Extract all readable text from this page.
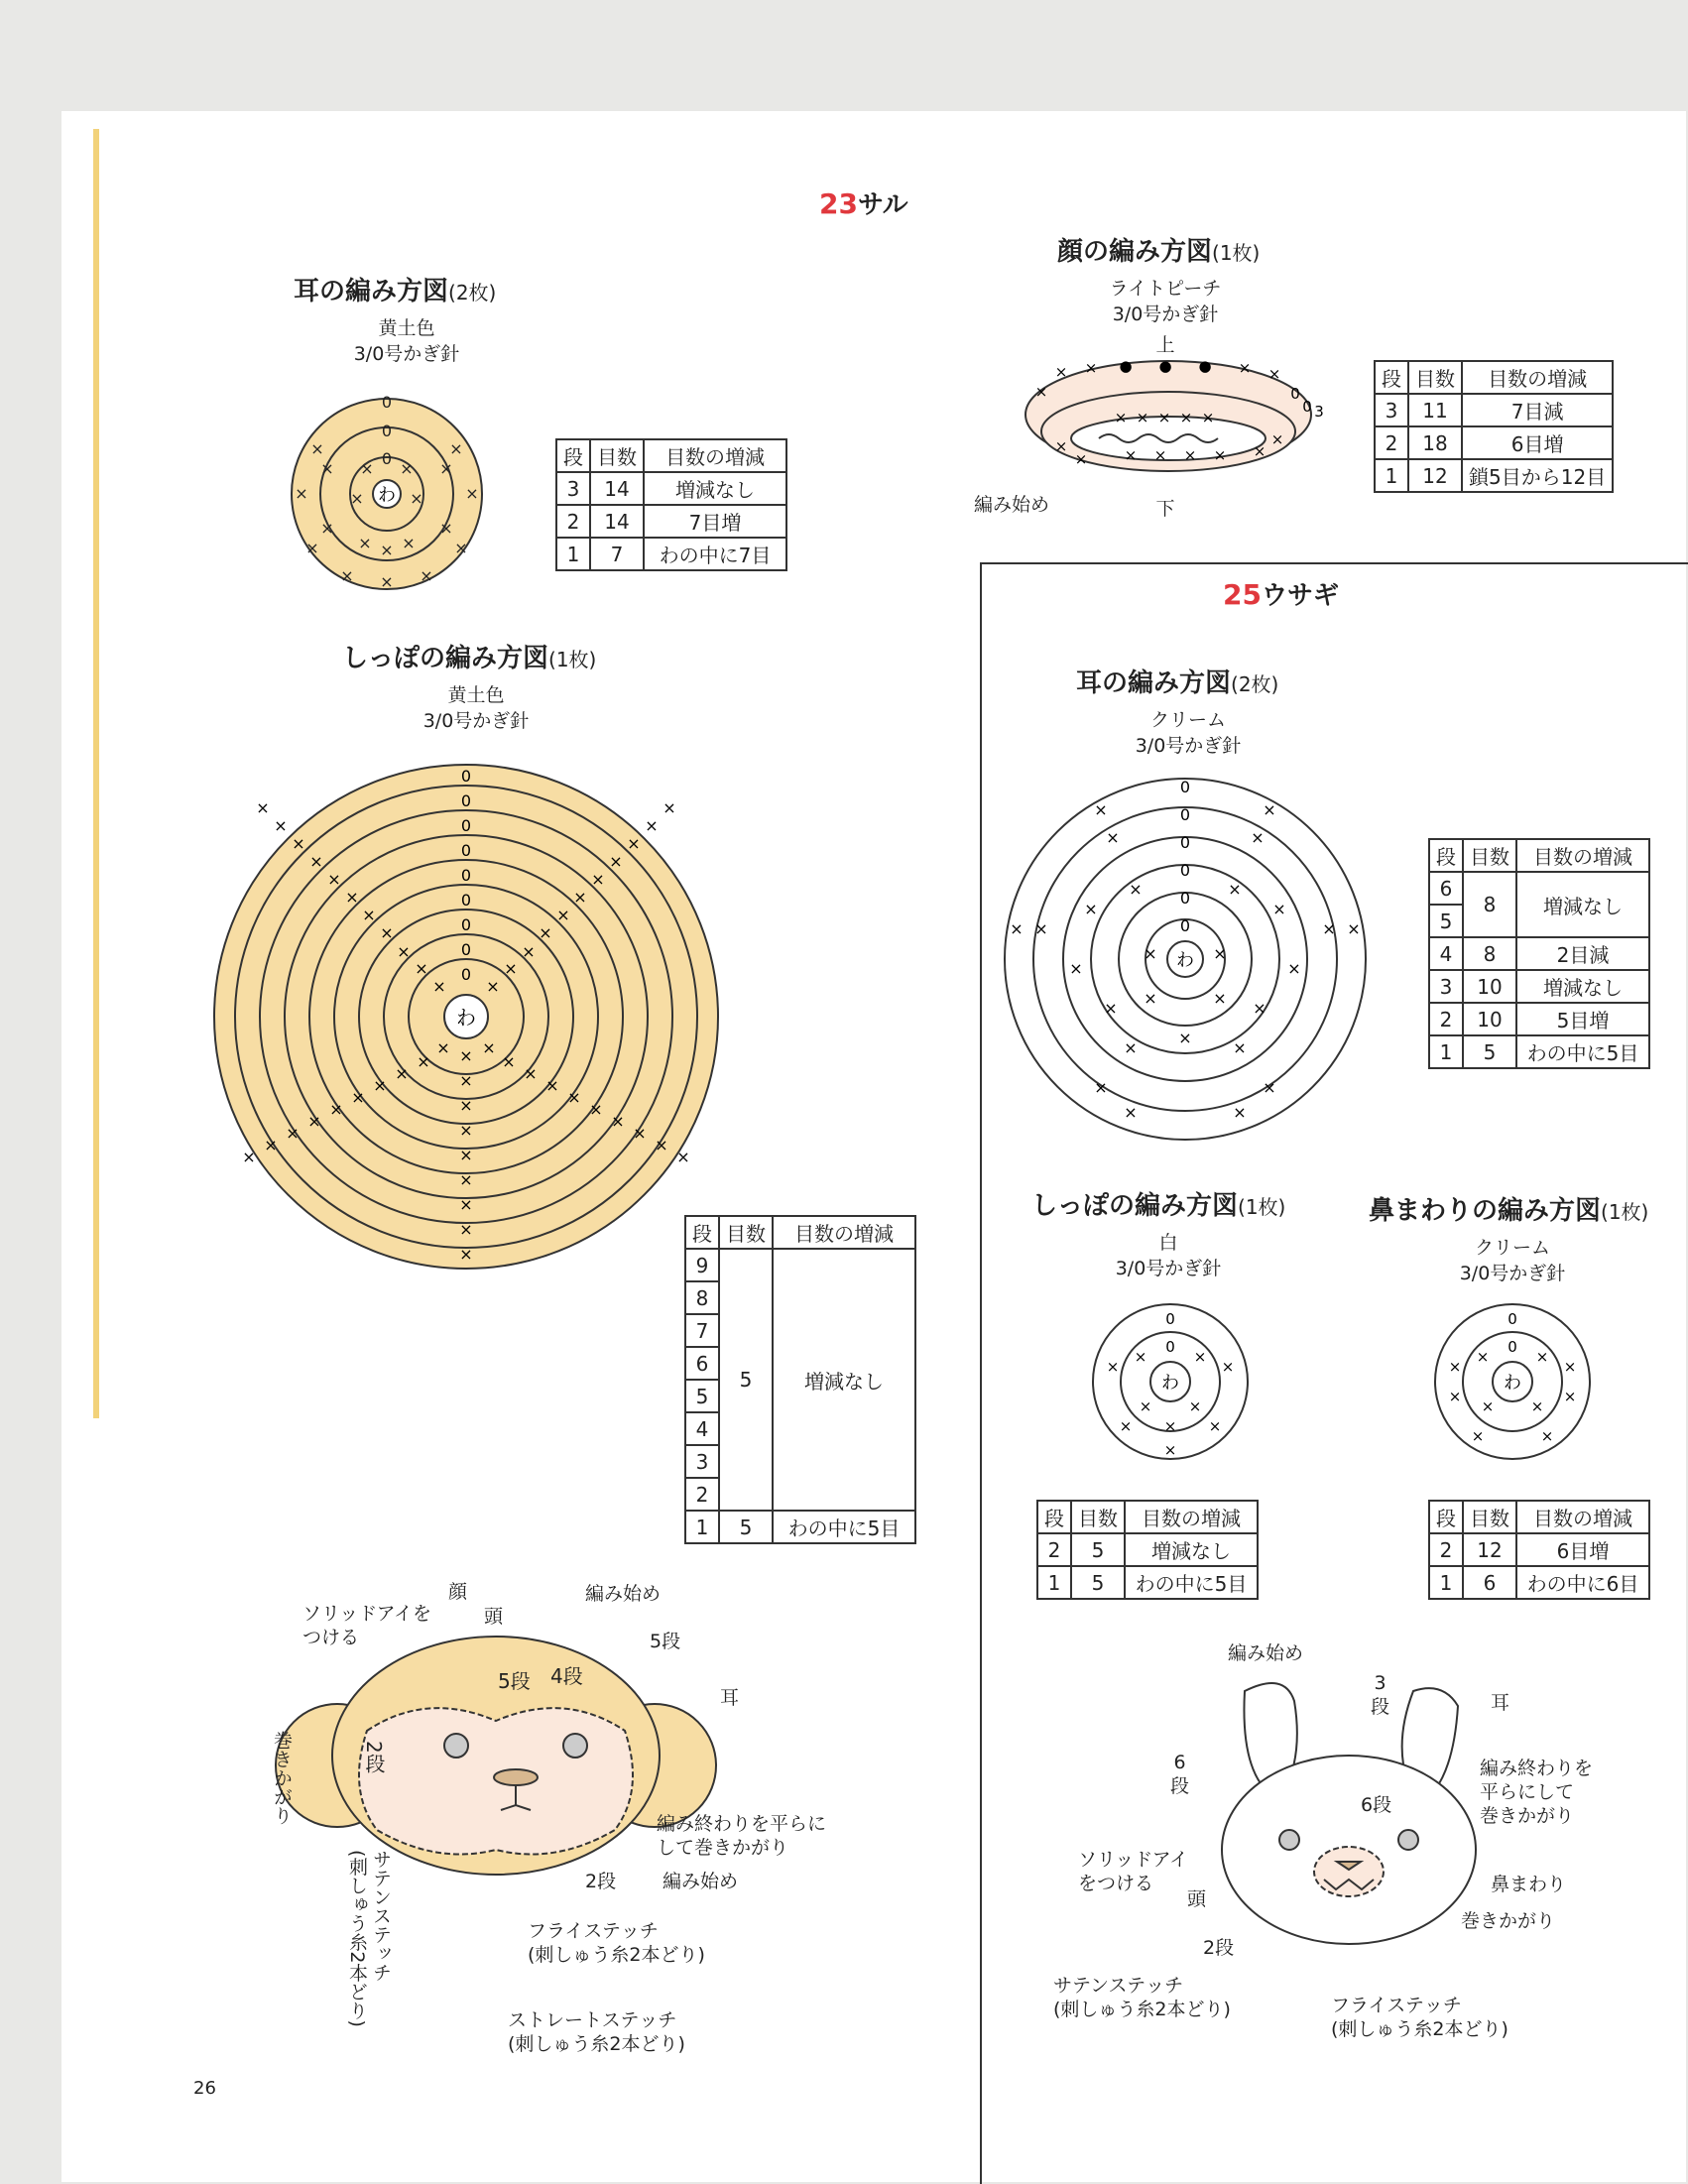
23サル
耳の編み方図(2枚)
黄土色
3/0号かぎ針
わ
0
0
0
× × ×
×	×
× ×
×	×
×	×
×	×
× × ×
×	×
×	×
段	目数	目数の増減
3	14	増減なし
2	14	7目増
1	7	わの中に7目
しっぽの編み方図(1枚)
黄土色
3/0号かぎ針
わ
0
0
0
0
0
0
0
0
0
×
×
×
×
×
×
×
×
×
×	×
×	×
×	×
×	×
×	×
×	×
×	×
×	×
×	×
×	×
×	×
× ×
×	×
×	×
×	×
×	×
×	×
×	×
×	×
×	×
×	×
段	目数	目数の増減
9	5	増減なし
8		
7		
6		
5		
4		
3		
2		
1	5	わの中に5目
顔の編み方図(1枚)
ライトピーチ
3/0号かぎ針
上
× × ● ● ● × ×
×	0
0 3
× × × × ×
×
×	×
×
× × × ×
編み始め	下
段	目数	目数の増減
3	11	7目減
2	18	6目増
1	12	鎖5目から12目
25ウサギ
耳の編み方図(2枚)
クリーム
3/0号かぎ針
わ
0
0
0
0
0
0
×	×
×	×
×	×
×	×
×	×
×	×
×	×
×	×
×	×
×	×
×
×	×
×	×
×	×
段	目数	目数の増減
6	8	増減なし
5		
4	8	2目減
3	10	増減なし
2	10	5目増
1	5	わの中に5目
しっぽの編み方図(1枚)
白
3/0号かぎ針
わ
0
0
×	×
× ×
×
×	×
×	×
×
段	目数	目数の増減
2	5	増減なし
1	5	わの中に5目
鼻まわりの編み方図(1枚)
クリーム
3/0号かぎ針
わ
0
0
×	×
× ×
×	×
×	×
×	×
段	目数	目数の増減
2	12	6目増
1	6	わの中に6目
ソリッドアイを
つける
顔
頭
編み始め
5段
5段 4段
耳
2段
巻きかがり
サテンステッチ
(刺しゅう糸2本どり)
編み終わりを平らに
して巻きかがり
2段 編み始め
フライステッチ
(刺しゅう糸2本どり)
ストレートステッチ
(刺しゅう糸2本どり)
編み始め
3
段	耳
6
段
6段
編み終わりを
平らにして
巻きかがり
ソリッドアイ
をつける
頭
鼻まわり
巻きかがり
2段
サテンステッチ
(刺しゅう糸2本どり)	フライステッチ
(刺しゅう糸2本どり)
26
